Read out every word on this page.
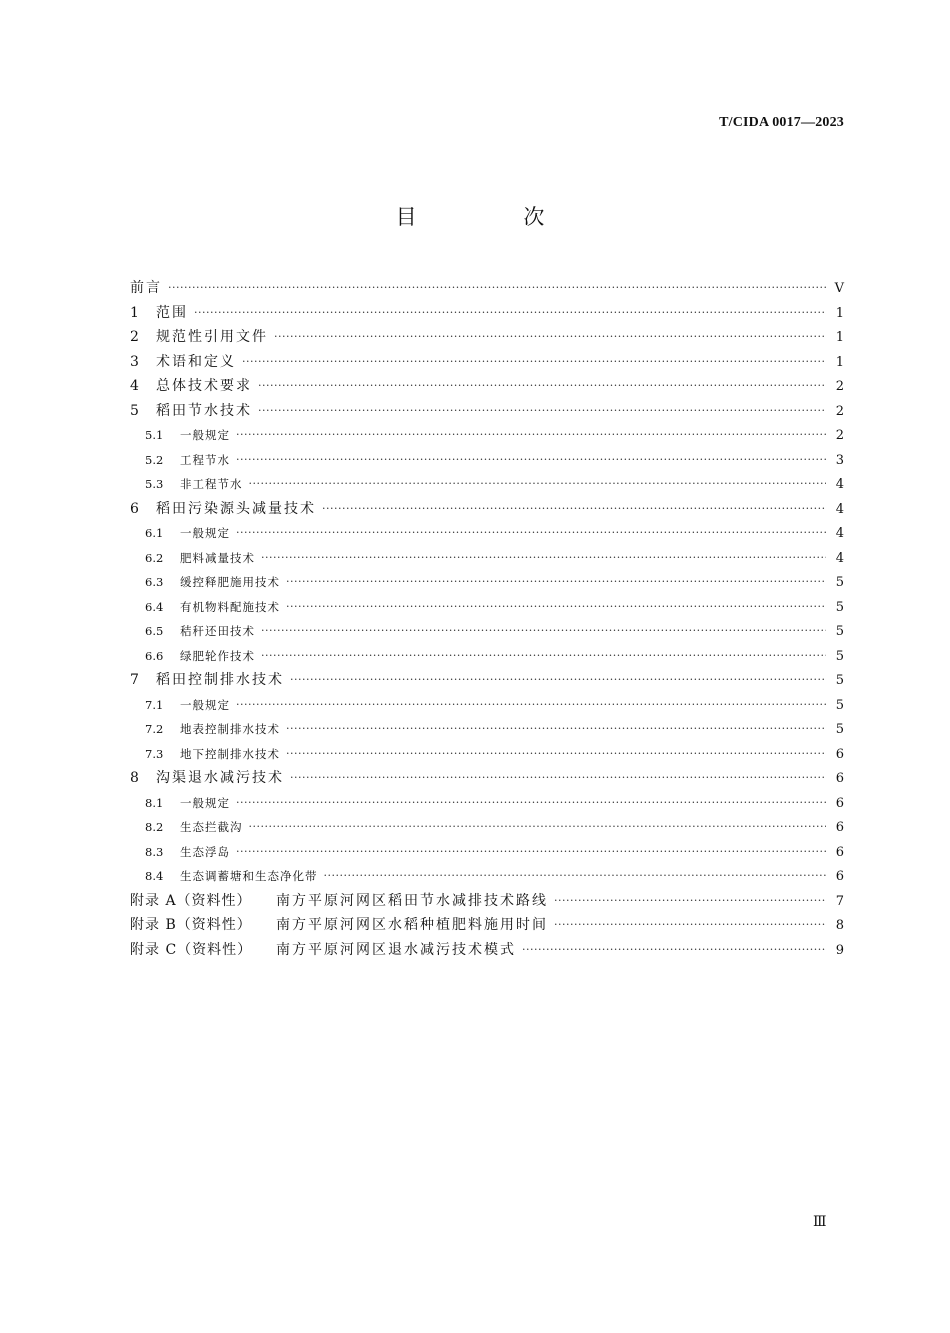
T/CIDA 0017—2023
目 次
前言 ·····	V
1	范围 ·····	1
2	规范性引用文件 ·····	1
3	术语和定义 ·····	1
4	总体技术要求 ·····	2
5	稻田节水技术 ·····	2
5.1	一般规定 ·····	2
5.2	工程节水 ·····	3
5.3	非工程节水 ·····	4
6	稻田污染源头减量技术 ·····	4
6.1	一般规定 ·····	4
6.2	肥料减量技术 ·····	4
6.3	缓控释肥施用技术 ·····	5
6.4	有机物料配施技术 ·····	5
6.5	秸秆还田技术 ·····	5
6.6	绿肥轮作技术 ·····	5
7	稻田控制排水技术 ·····	5
7.1	一般规定 ·····	5
7.2	地表控制排水技术 ·····	5
7.3	地下控制排水技术 ·····	6
8	沟渠退水减污技术 ·····	6
8.1	一般规定 ·····	6
8.2	生态拦截沟 ·····	6
8.3	生态浮岛 ·····	6
8.4	生态调蓄塘和生态净化带 ·····	6
附录 A（资料性）	南方平原河网区稻田节水减排技术路线 ·····	7
附录 B（资料性）	南方平原河网区水稻种植肥料施用时间 ·····	8
附录 C（资料性）	南方平原河网区退水减污技术模式 ·····	9
Ⅲ
